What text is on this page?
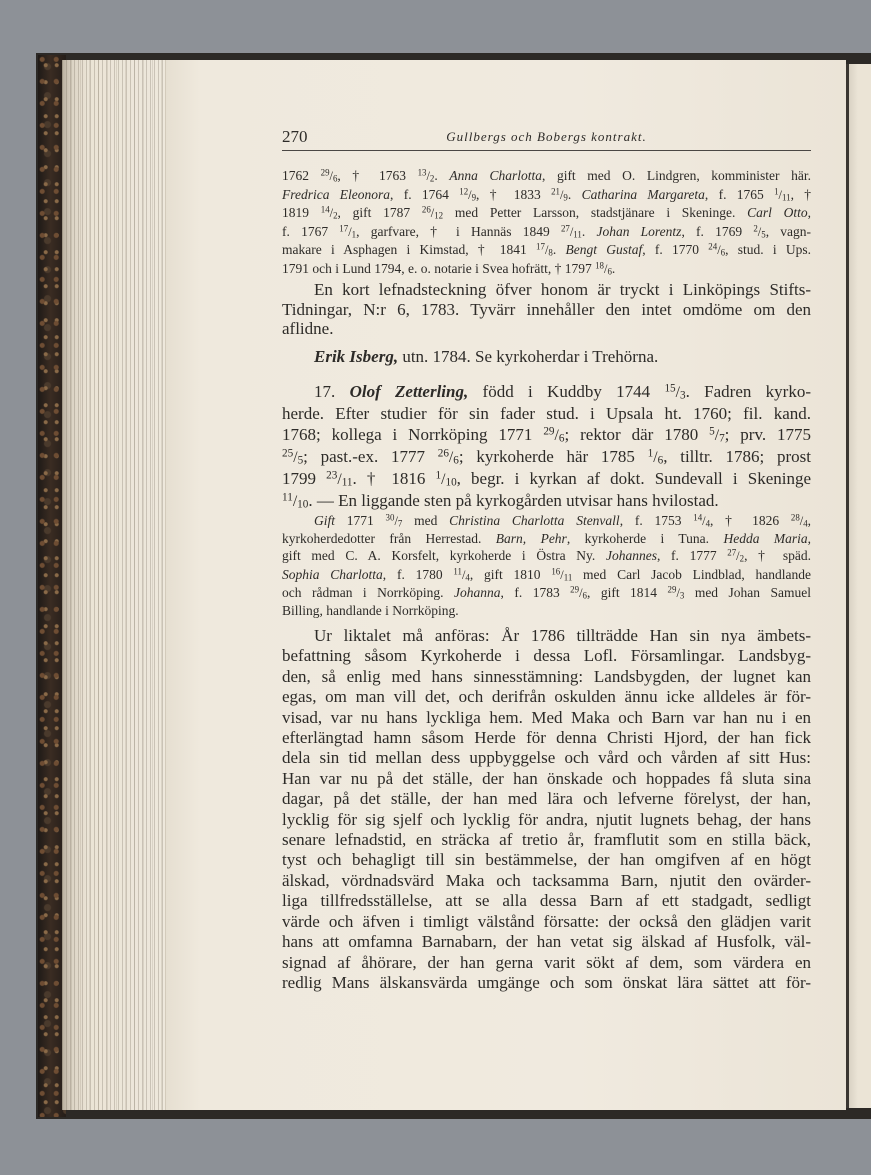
270	Gullbergs och Bobergs kontrakt.
1762 $^{29}$/ $_6$, † 1763 $^{13}$/ $_2$. Anna Charlotta, gift med O. Lindgren, komminister här.
Fredrica Eleonora, f. 1764 $^{12}$/ $_9$, † 1833 $^{21}$/ $_9$. Catharina Margareta, f. 1765 $^1$/ $_{11}$, †
1819 $^{14}$/ $_2$, gift 1787 $^{26}$/ $_{12}$ med Petter Larsson, stadstjänare i Skeninge. Carl Otto,
f. 1767 $^{17}$/ $_1$, garfvare, † i Hannäs 1849 $^{27}$/ $_{11}$. Johan Lorentz, f. 1769 $^2$/ $_5$, vagn-
makare i Asphagen i Kimstad, † 1841 $^{17}$/ $_8$. Bengt Gustaf, f. 1770 $^{24}$/ $_6$, stud. i Ups.
1791 och i Lund 1794, e. o. notarie i Svea hofrätt, † 1797 $^{18}$/ $_6$.
En kort lefnadsteckning öfver honom är tryckt i Linköpings Stifts-
Tidningar, N:r 6, 1783. Tyvärr innehåller den intet omdöme om den
aflidne.
Erik Isberg, utn. 1784. Se kyrkoherdar i Trehörna.
17. Olof Zetterling, född i Kuddby 1744 $^{15}$/ $_3$. Fadren kyrko-
herde. Efter studier för sin fader stud. i Upsala ht. 1760; fil. kand.
1768; kollega i Norrköping 1771 $^{29}$/ $_6$; rektor där 1780 $^5$/ $_7$; prv. 1775
$^{25}$/ $_5$; past.-ex. 1777 $^{26}$/ $_6$; kyrkoherde här 1785 $^1$/ $_6$, tilltr. 1786; prost
1799 $^{23}$/ $_{11}$. † 1816 $^1$/ $_{10}$, begr. i kyrkan af dokt. Sundevall i Skeninge
$^{11}$/ $_{10}$. — En liggande sten på kyrkogården utvisar hans hvilostad.
Gift 1771 $^{30}$/ $_7$ med Christina Charlotta Stenvall, f. 1753 $^{14}$/ $_4$, † 1826 $^{28}$/ $_4$,
kyrkoherdedotter från Herrestad. Barn, Pehr, kyrkoherde i Tuna. Hedda Maria,
gift med C. A. Korsfelt, kyrkoherde i Östra Ny. Johannes, f. 1777 $^{27}$/ $_2$, † späd.
Sophia Charlotta, f. 1780 $^{11}$/ $_4$, gift 1810 $^{16}$/ $_{11}$ med Carl Jacob Lindblad, handlande
och rådman i Norrköping. Johanna, f. 1783 $^{29}$/ $_6$, gift 1814 $^{29}$/ $_3$ med Johan Samuel
Billing, handlande i Norrköping.
Ur liktalet må anföras: År 1786 tillträdde Han sin nya ämbets-
befattning såsom Kyrkoherde i dessa Lofl. Församlingar. Landsbyg-
den, så enlig med hans sinnesstämning: Landsbygden, der lugnet kan
egas, om man vill det, och derifrån oskulden ännu icke alldeles är för-
visad, var nu hans lyckliga hem. Med Maka och Barn var han nu i en
efterlängtad hamn såsom Herde för denna Christi Hjord, der han fick
dela sin tid mellan dess uppbyggelse och vård och vården af sitt Hus:
Han var nu på det ställe, der han önskade och hoppades få sluta sina
dagar, på det ställe, der han med lära och lefverne förelyst, der han,
lycklig för sig sjelf och lycklig för andra, njutit lugnets behag, der hans
senare lefnadstid, en sträcka af tretio år, framflutit som en stilla bäck,
tyst och behagligt till sin bestämmelse, der han omgifven af en högt
älskad, vördnadsvärd Maka och tacksamma Barn, njutit den ovärder-
liga tillfredsställelse, att se alla dessa Barn af ett stadgadt, sedligt
värde och äfven i timligt välstånd försatte: der också den glädjen varit
hans att omfamna Barnabarn, der han vetat sig älskad af Husfolk, väl-
signad af åhörare, der han gerna varit sökt af dem, som värdera en
redlig Mans älskansvärda umgänge och som önskat lära sättet att för-
